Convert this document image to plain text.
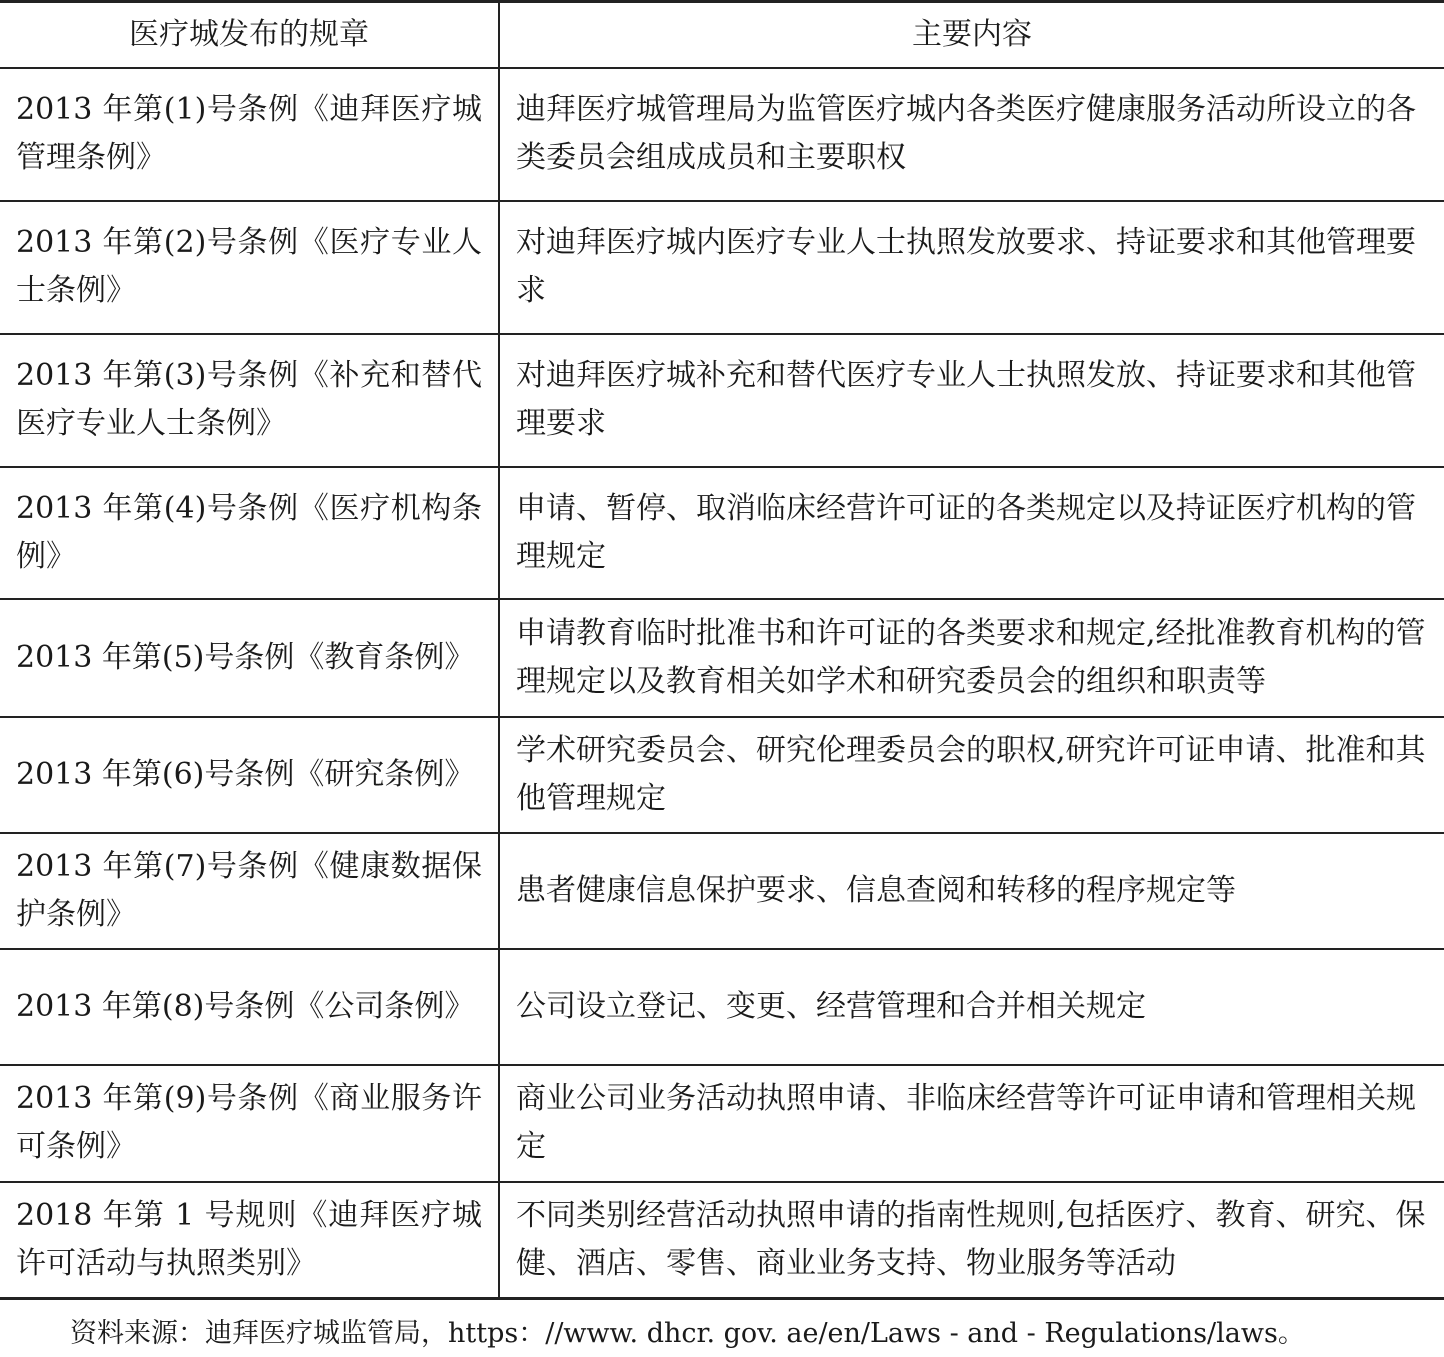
医疗城发布的规章	主要内容
2013 年第(1)号条例《迪拜医疗城管理条例》	迪拜医疗城管理局为监管医疗城内各类医疗健康服务活动所设立的各类委员会组成成员和主要职权
2013 年第(2)号条例《医疗专业人士条例》	对迪拜医疗城内医疗专业人士执照发放要求、持证要求和其他管理要求
2013 年第(3)号条例《补充和替代医疗专业人士条例》	对迪拜医疗城补充和替代医疗专业人士执照发放、持证要求和其他管理要求
2013 年第(4)号条例《医疗机构条例》	申请、暂停、取消临床经营许可证的各类规定以及持证医疗机构的管理规定
2013 年第(5)号条例《教育条例》	申请教育临时批准书和许可证的各类要求和规定,经批准教育机构的管理规定以及教育相关如学术和研究委员会的组织和职责等
2013 年第(6)号条例《研究条例》	学术研究委员会、研究伦理委员会的职权,研究许可证申请、批准和其他管理规定
2013 年第(7)号条例《健康数据保护条例》	患者健康信息保护要求、信息查阅和转移的程序规定等
2013 年第(8)号条例《公司条例》	公司设立登记、变更、经营管理和合并相关规定
2013 年第(9)号条例《商业服务许可条例》	商业公司业务活动执照申请、非临床经营等许可证申请和管理相关规定
2018 年第 1 号规则《迪拜医疗城许可活动与执照类别》	不同类别经营活动执照申请的指南性规则,包括医疗、教育、研究、保健、酒店、零售、商业业务支持、物业服务等活动
资料来源：迪拜医疗城监管局，https：//www. dhcr. gov. ae/en/Laws - and - Regulations/laws。
